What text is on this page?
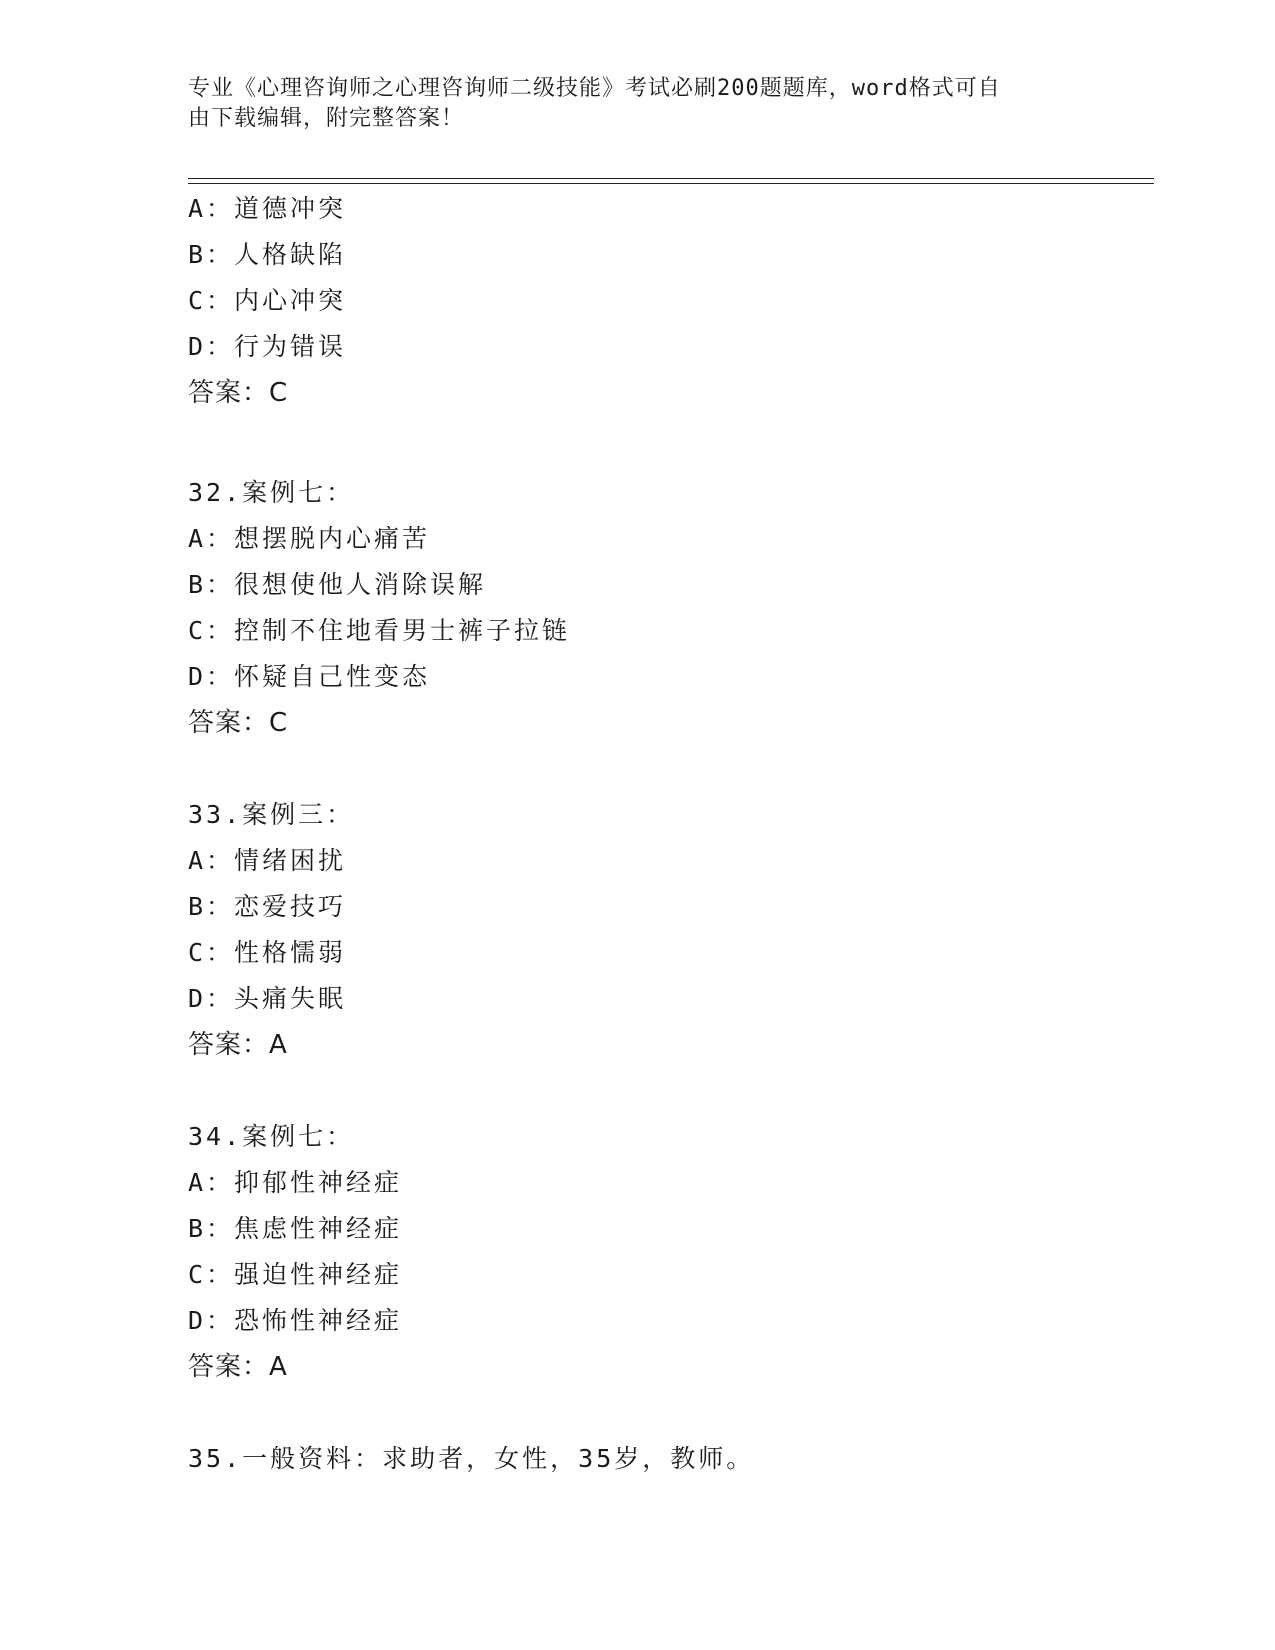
专业《心理咨询师之心理咨询师二级技能》考试必刷200题题库，word格式可自
由下载编辑，附完整答案！
A：道德冲突
B：人格缺陷
C：内心冲突
D：行为错误
答案：C
32.案例七：
A：想摆脱内心痛苦
B：很想使他人消除误解
C：控制不住地看男士裤子拉链
D：怀疑自己性变态
答案：C
33.案例三：
A：情绪困扰
B：恋爱技巧
C：性格懦弱
D：头痛失眠
答案：A
34.案例七：
A：抑郁性神经症
B：焦虑性神经症
C：强迫性神经症
D：恐怖性神经症
答案：A
35.一般资料：求助者，女性，35岁，教师。
